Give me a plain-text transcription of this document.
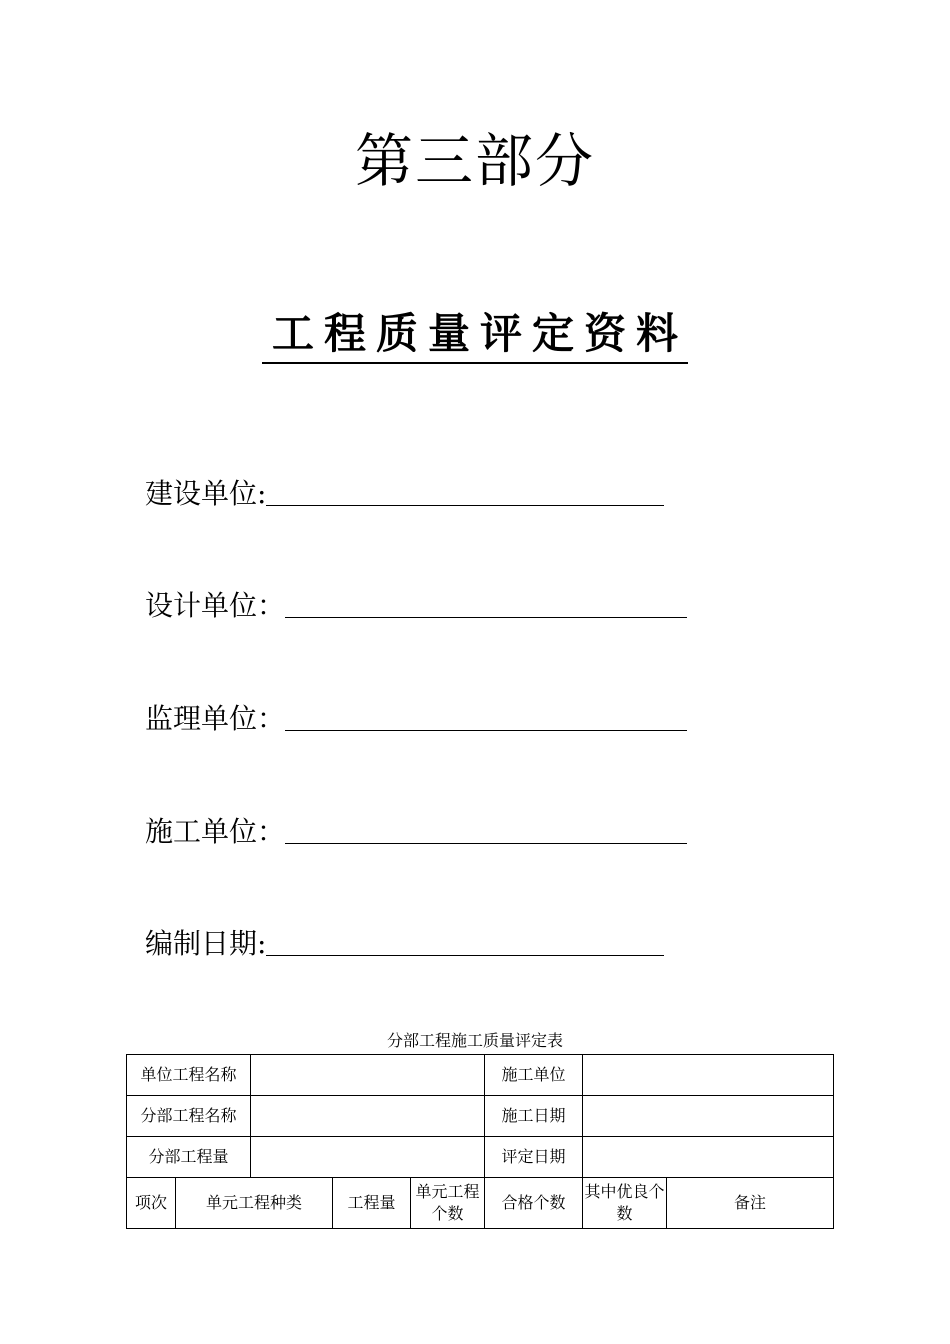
第三部分
工程质量评定资料
建设单位:
设计单位：
监理单位：
施工单位：
编制日期:
分部工程施工质量评定表
单位工程名称					施工单位		
分部工程名称					施工日期		
分部工程量					评定日期		
项次	单元工程种类		工程量	单元工程个数	合格个数	其中优良个数	备注
